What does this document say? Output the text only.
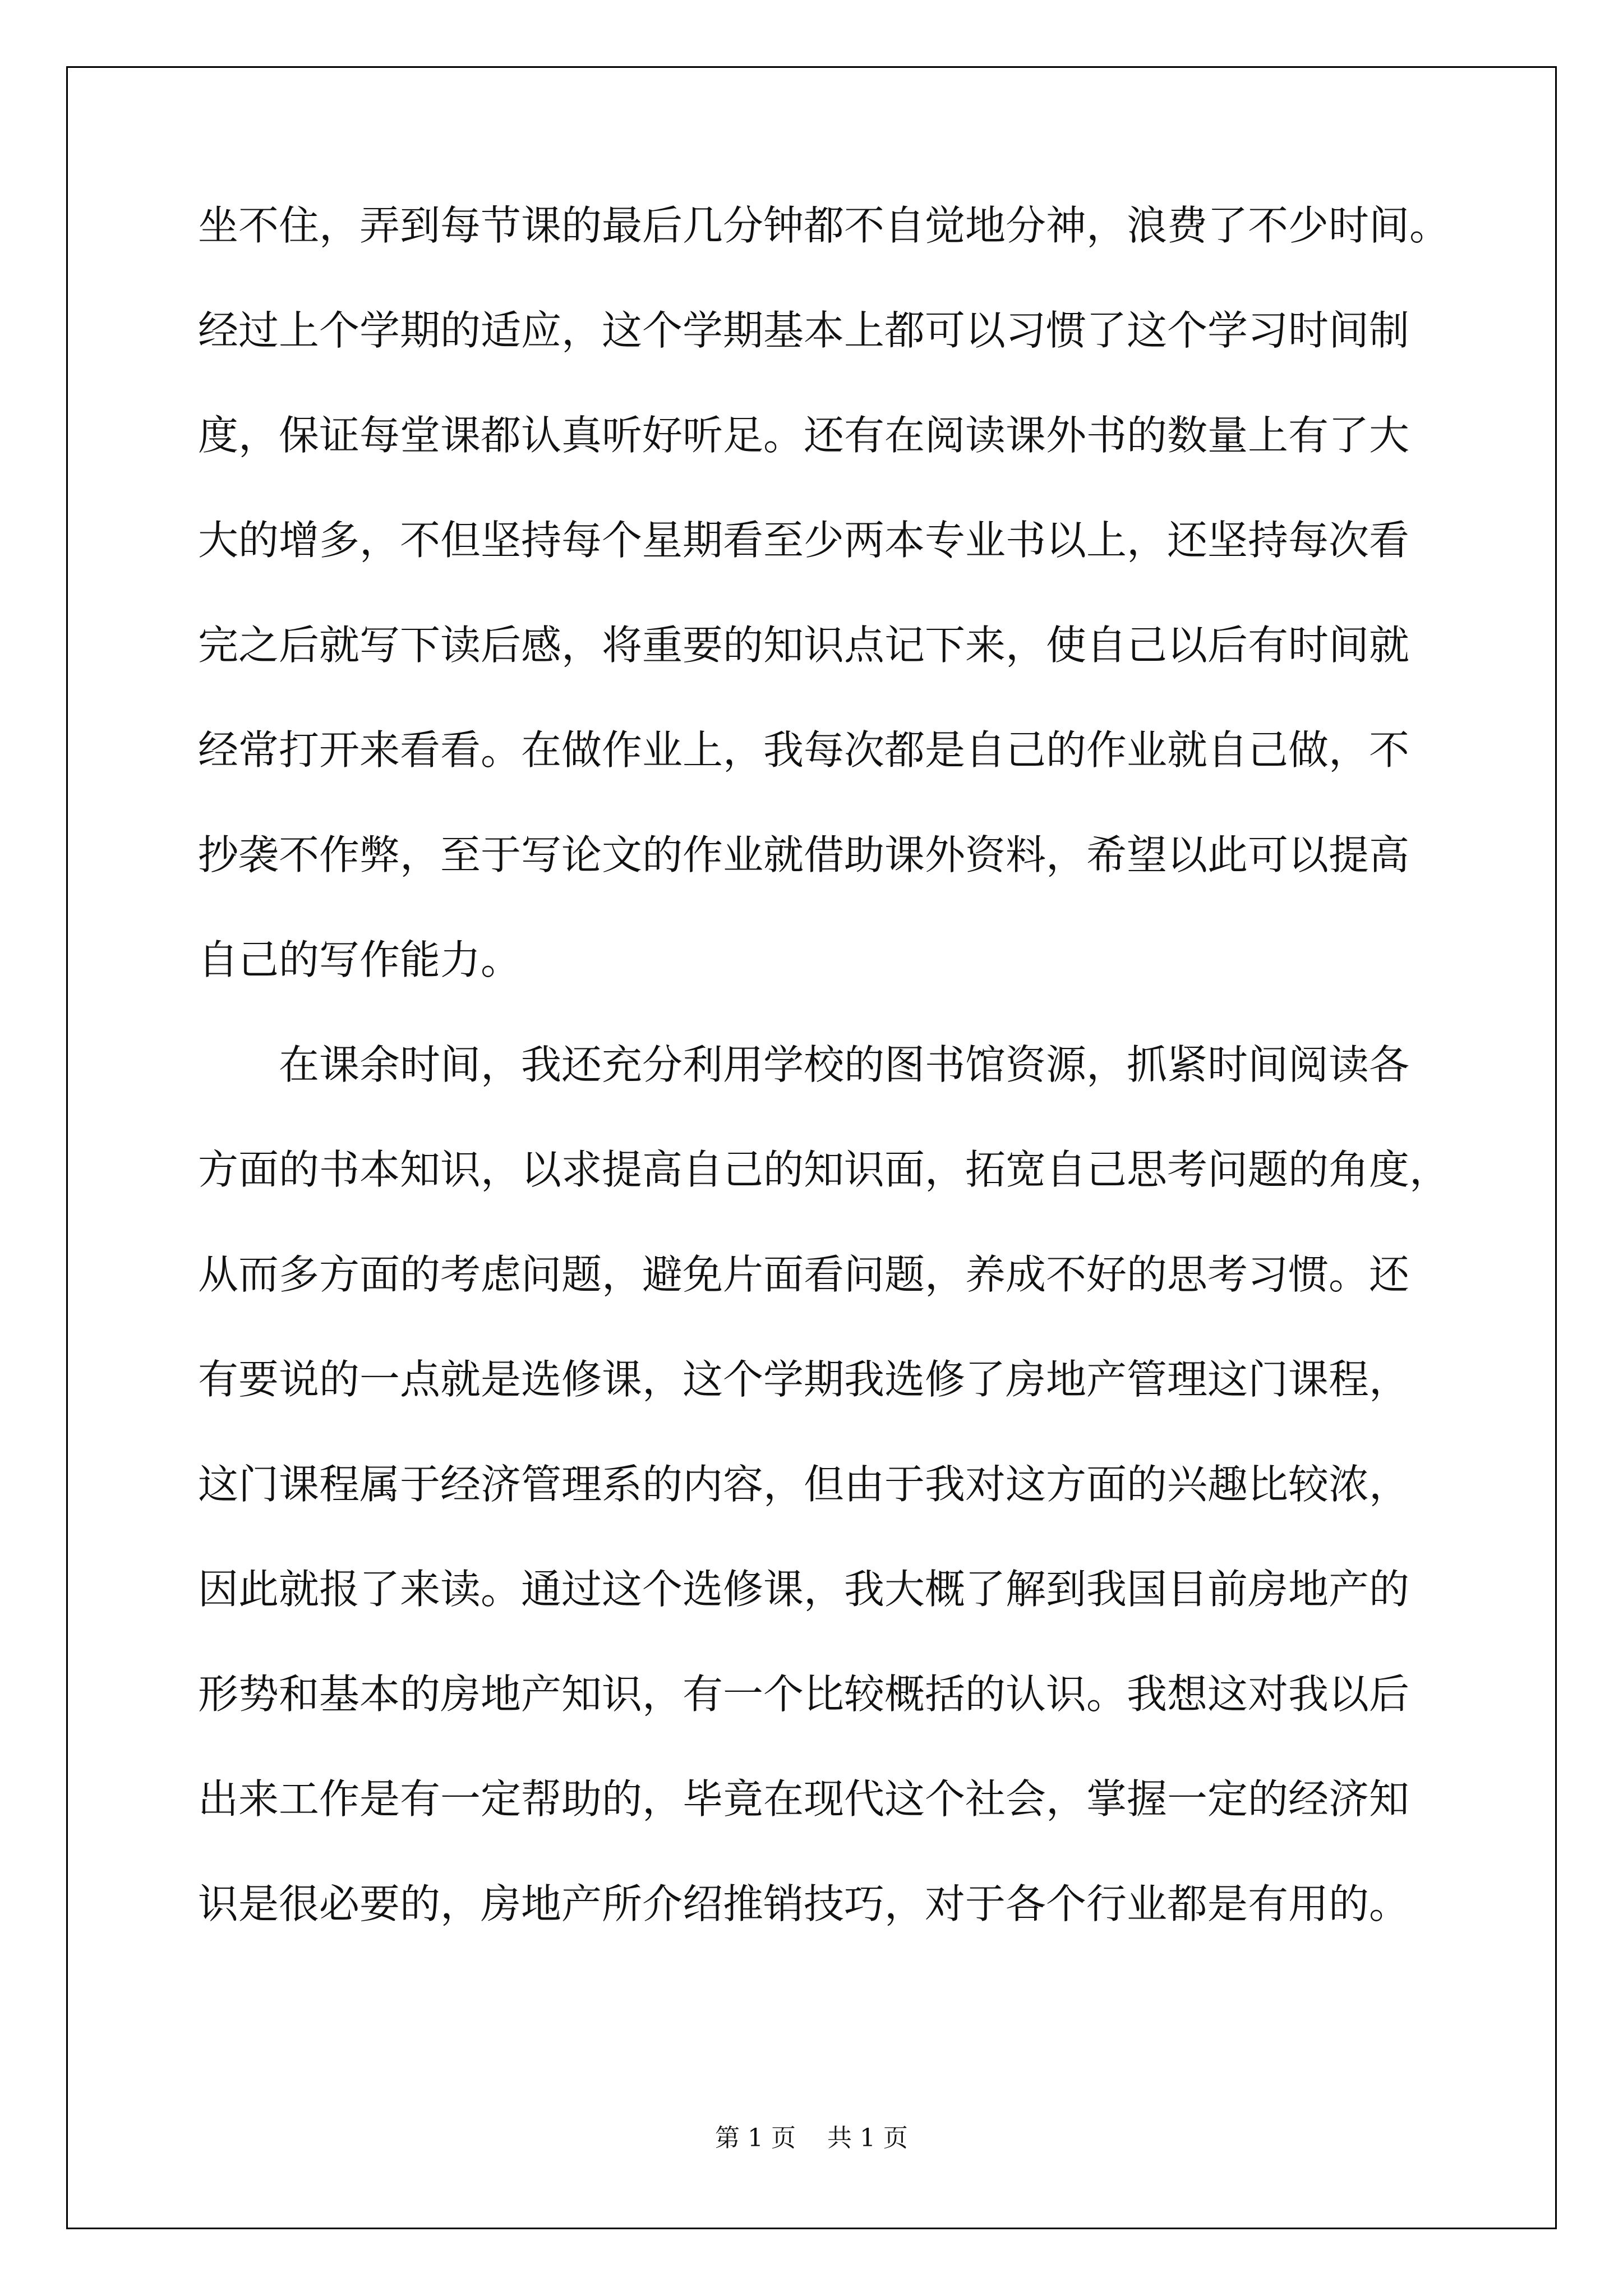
坐不住，弄到每节课的最后几分钟都不自觉地分神，浪费了不少时间。
经过上个学期的适应，这个学期基本上都可以习惯了这个学习时间制
度，保证每堂课都认真听好听足。还有在阅读课外书的数量上有了大
大的增多，不但坚持每个星期看至少两本专业书以上，还坚持每次看
完之后就写下读后感，将重要的知识点记下来，使自己以后有时间就
经常打开来看看。在做作业上，我每次都是自己的作业就自己做，不
抄袭不作弊，至于写论文的作业就借助课外资料，希望以此可以提高
自己的写作能力。
在课余时间，我还充分利用学校的图书馆资源，抓紧时间阅读各
方面的书本知识，以求提高自己的知识面，拓宽自己思考问题的角度，
从而多方面的考虑问题，避免片面看问题，养成不好的思考习惯。还
有要说的一点就是选修课，这个学期我选修了房地产管理这门课程，
这门课程属于经济管理系的内容，但由于我对这方面的兴趣比较浓，
因此就报了来读。通过这个选修课，我大概了解到我国目前房地产的
形势和基本的房地产知识，有一个比较概括的认识。我想这对我以后
出来工作是有一定帮助的，毕竟在现代这个社会，掌握一定的经济知
识是很必要的，房地产所介绍推销技巧，对于各个行业都是有用的。
第 1 页    共 1 页
